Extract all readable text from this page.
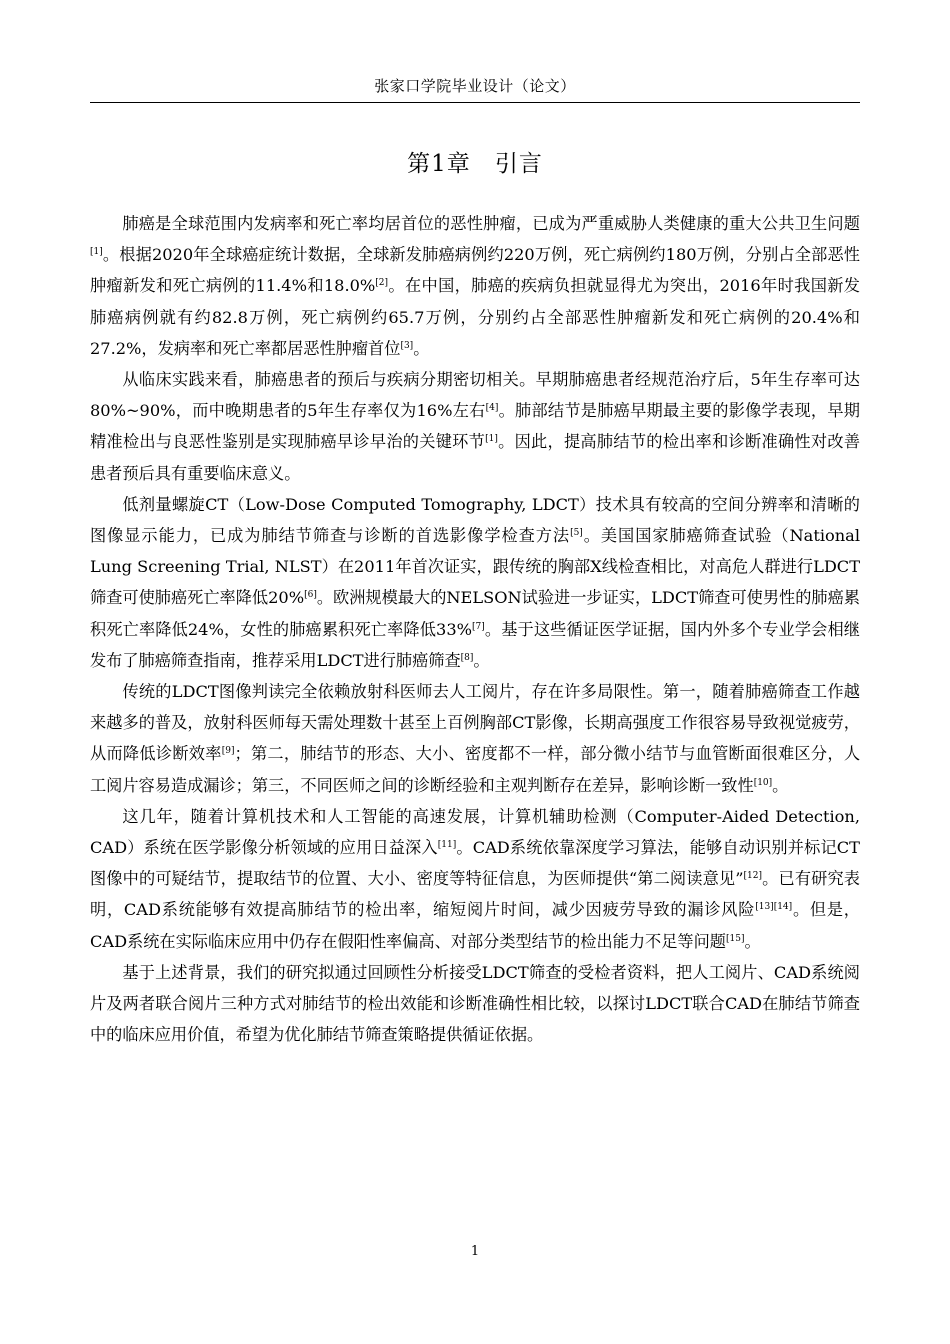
张家口学院毕业设计（论文）
第1章 引言

肺癌是全球范围内发病率和死亡率均居首位的恶性肿瘤，已成为严重威胁人类健康的重大公共卫生问题[1]。根据2020年全球癌症统计数据，全球新发肺癌病例约220万例，死亡病例约180万例，分别占全部恶性肿瘤新发和死亡病例的11.4%和18.0%[2]。在中国，肺癌的疾病负担就显得尤为突出，2016年时我国新发肺癌病例就有约82.8万例，死亡病例约65.7万例，分别约占全部恶性肿瘤新发和死亡病例的20.4%和27.2%，发病率和死亡率都居恶性肿瘤首位[3]。

从临床实践来看，肺癌患者的预后与疾病分期密切相关。早期肺癌患者经规范治疗后，5年生存率可达80%~90%，而中晚期患者的5年生存率仅为16%左右[4]。肺部结节是肺癌早期最主要的影像学表现，早期精准检出与良恶性鉴别是实现肺癌早诊早治的关键环节[1]。因此，提高肺结节的检出率和诊断准确性对改善患者预后具有重要临床意义。

低剂量螺旋CT（Low-Dose Computed Tomography, LDCT）技术具有较高的空间分辨率和清晰的图像显示能力，已成为肺结节筛查与诊断的首选影像学检查方法[5]。美国国家肺癌筛查试验（National Lung Screening Trial, NLST）在2011年首次证实，跟传统的胸部X线检查相比，对高危人群进行LDCT筛查可使肺癌死亡率降低20%[6]。欧洲规模最大的NELSON试验进一步证实，LDCT筛查可使男性的肺癌累积死亡率降低24%，女性的肺癌累积死亡率降低33%[7]。基于这些循证医学证据，国内外多个专业学会相继发布了肺癌筛查指南，推荐采用LDCT进行肺癌筛查[8]。

传统的LDCT图像判读完全依赖放射科医师去人工阅片，存在许多局限性。第一，随着肺癌筛查工作越来越多的普及，放射科医师每天需处理数十甚至上百例胸部CT影像，长期高强度工作很容易导致视觉疲劳，从而降低诊断效率[9]；第二，肺结节的形态、大小、密度都不一样，部分微小结节与血管断面很难区分，人工阅片容易造成漏诊；第三，不同医师之间的诊断经验和主观判断存在差异，影响诊断一致性[10]。

这几年，随着计算机技术和人工智能的高速发展，计算机辅助检测（Computer-Aided Detection, CAD）系统在医学影像分析领域的应用日益深入[11]。CAD系统依靠深度学习算法，能够自动识别并标记CT图像中的可疑结节，提取结节的位置、大小、密度等特征信息，为医师提供“第二阅读意见”[12]。已有研究表明，CAD系统能够有效提高肺结节的检出率，缩短阅片时间，减少因疲劳导致的漏诊风险[13][14]。但是，CAD系统在实际临床应用中仍存在假阳性率偏高、对部分类型结节的检出能力不足等问题[15]。

基于上述背景，我们的研究拟通过回顾性分析接受LDCT筛查的受检者资料，把人工阅片、CAD系统阅片及两者联合阅片三种方式对肺结节的检出效能和诊断准确性相比较，以探讨LDCT联合CAD在肺结节筛查中的临床应用价值，希望为优化肺结节筛查策略提供循证依据。

1
